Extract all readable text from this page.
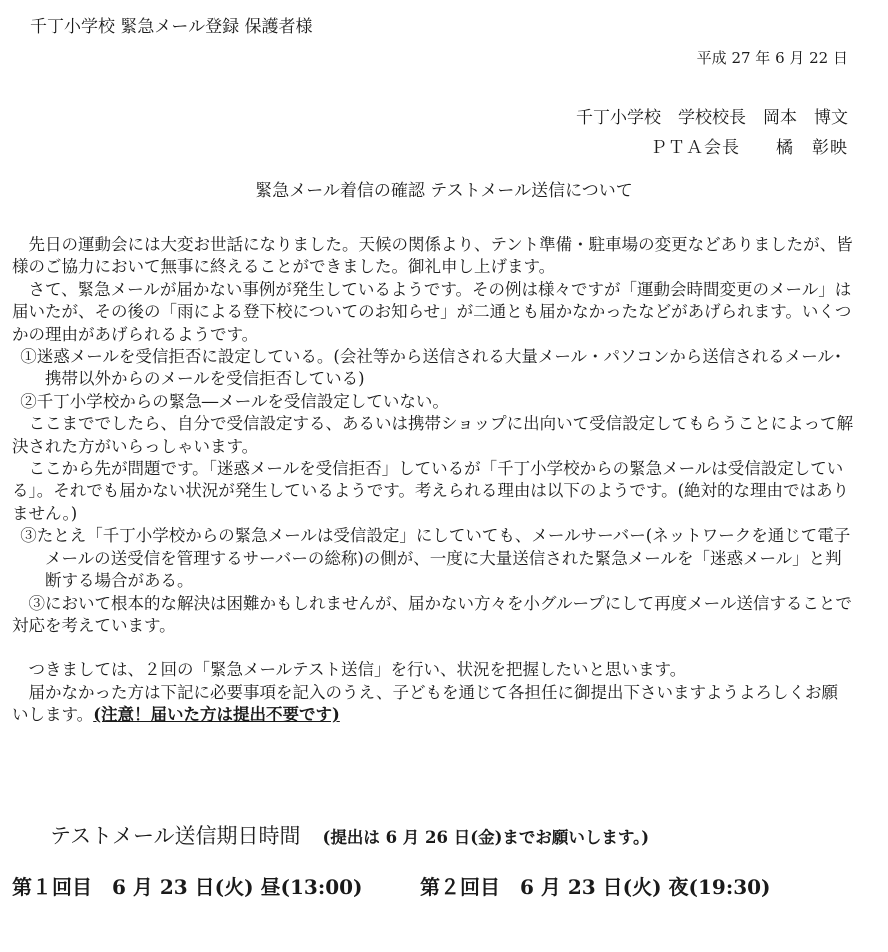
千丁小学校 緊急メール登録 保護者様
平成 27 年 6 月 22 日
千丁小学校　学校校長　岡本　博文
ＰＴＡ会長　　橘　彰映
緊急メール着信の確認 テストメール送信について

先日の運動会には大変お世話になりました。天候の関係より、テント準備・駐車場の変更などありましたが、皆様のご協力において無事に終えることができました。御礼申し上げます。

さて、緊急メールが届かない事例が発生しているようです。その例は様々ですが「運動会時間変更のメール」は届いたが、その後の「雨による登下校についてのお知らせ」が二通とも届かなかったなどがあげられます。いくつかの理由があげられるようです。

①迷惑メールを受信拒否に設定している。(会社等から送信される大量メール・パソコンから送信されるメール･携帯以外からのメールを受信拒否している)

②千丁小学校からの緊急―メールを受信設定していない。

ここまででしたら、自分で受信設定する、あるいは携帯ショップに出向いて受信設定してもらうことによって解決された方がいらっしゃいます。

ここから先が問題です。「迷惑メールを受信拒否」しているが「千丁小学校からの緊急メールは受信設定している」。それでも届かない状況が発生しているようです。考えられる理由は以下のようです。(絶対的な理由ではありません。)

③たとえ「千丁小学校からの緊急メールは受信設定」にしていても、メールサーバー(ネットワークを通じて電子メールの送受信を管理するサーバーの総称)の側が、一度に大量送信された緊急メールを「迷惑メール」と判断する場合がある。

③において根本的な解決は困難かもしれませんが、届かない方々を小グループにして再度メール送信することで対応を考えています。

つきましては、２回の「緊急メールテスト送信」を行い、状況を把握したいと思います。

届かなかった方は下記に必要事項を記入のうえ、子どもを通じて各担任に御提出下さいますようよろしくお願いします。(注意！届いた方は提出不要です)

テストメール送信期日時間 (提出は 6 月 26 日(金)までお願いします。)
第１回目　6 月 23 日(火) 昼(13:00)	第２回目　6 月 23 日(火) 夜(19:30)
